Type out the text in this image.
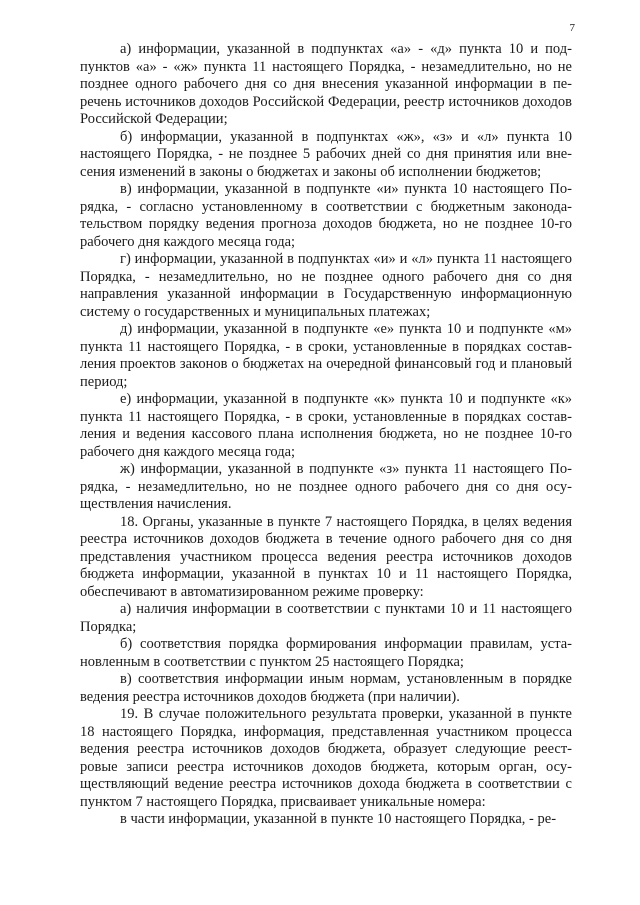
7

а) информации, указанной в подпунктах «а» - «д» пункта 10 и подпунктов «а» - «ж» пункта 11 настоящего Порядка, - незамедлительно, но не позднее одного рабочего дня со дня внесения указанной информации в перечень источников доходов Российской Федерации, реестр источников доходов Российской Федерации;

б) информации, указанной в подпунктах «ж», «з» и «л» пункта 10 настоящего Порядка, - не позднее 5 рабочих дней со дня принятия или внесения изменений в законы о бюджетах и законы об исполнении бюджетов;

в) информации, указанной в подпункте «и» пункта 10 настоящего Порядка, - согласно установленному в соответствии с бюджетным законодательством порядку ведения прогноза доходов бюджета, но не позднее 10-го рабочего дня каждого месяца года;

г) информации, указанной в подпунктах «и» и «л» пункта 11 настоящего Порядка, - незамедлительно, но не позднее одного рабочего дня со дня направления указанной информации в Государственную информационную систему о государственных и муниципальных платежах;

д) информации, указанной в подпункте «е» пункта 10 и подпункте «м» пункта 11 настоящего Порядка, - в сроки, установленные в порядках составления проектов законов о бюджетах на очередной финансовый год и плановый период;

е) информации, указанной в подпункте «к» пункта 10 и подпункте «к» пункта 11 настоящего Порядка, - в сроки, установленные в порядках составления и ведения кассового плана исполнения бюджета, но не позднее 10-го рабочего дня каждого месяца года;

ж) информации, указанной в подпункте «з» пункта 11 настоящего Порядка, - незамедлительно, но не позднее одного рабочего дня со дня осуществления начисления.

18. Органы, указанные в пункте 7 настоящего Порядка, в целях ведения реестра источников доходов бюджета в течение одного рабочего дня со дня представления участником процесса ведения реестра источников доходов бюджета информации, указанной в пунктах 10 и 11 настоящего Порядка, обеспечивают в автоматизированном режиме проверку:

а) наличия информации в соответствии с пунктами 10 и 11 настоящего Порядка;

б) соответствия порядка формирования информации правилам, установленным в соответствии с пунктом 25 настоящего Порядка;

в) соответствия информации иным нормам, установленным в порядке ведения реестра источников доходов бюджета (при наличии).

19. В случае положительного результата проверки, указанной в пункте 18 настоящего Порядка, информация, представленная участником процесса ведения реестра источников доходов бюджета, образует следующие реестровые записи реестра источников доходов бюджета, которым орган, осуществляющий ведение реестра источников дохода бюджета в соответствии с пунктом 7 настоящего Порядка, присваивает уникальные номера:

в части информации, указанной в пункте 10 настоящего Порядка, - ре-
